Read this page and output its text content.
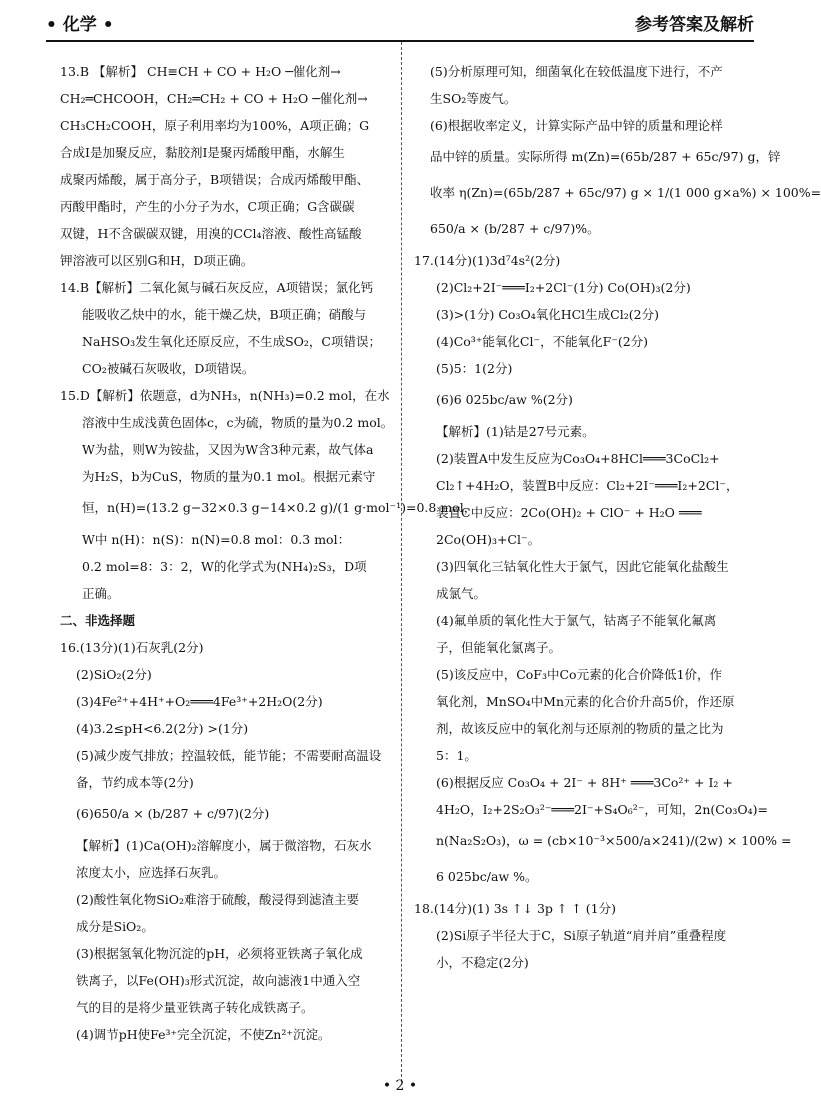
• 化学 •	参考答案及解析
13.B 【解析】 CH≡CH + CO + H₂O ─催化剂→
CH₂═CHCOOH，CH₂═CH₂ + CO + H₂O ─催化剂→
CH₃CH₂COOH，原子利用率均为100%，A项正确；G
合成Ⅰ是加聚反应，黏胶剂Ⅰ是聚丙烯酸甲酯，水解生
成聚丙烯酸，属于高分子，B项错误；合成丙烯酸甲酯、
丙酸甲酯时，产生的小分子为水，C项正确；G含碳碳
双键，H不含碳碳双键，用溴的CCl₄溶液、酸性高锰酸
钾溶液可以区别G和H，D项正确。
14.B【解析】二氧化氮与碱石灰反应，A项错误；氯化钙
能吸收乙炔中的水，能干燥乙炔，B项正确；硝酸与
NaHSO₃发生氧化还原反应，不生成SO₂，C项错误；
CO₂被碱石灰吸收，D项错误。
15.D【解析】依题意，d为NH₃，n(NH₃)=0.2 mol，在水
溶液中生成浅黄色固体c，c为硫，物质的量为0.2 mol。
W为盐，则W为铵盐，又因为W含3种元素，故气体a
为H₂S，b为CuS，物质的量为0.1 mol。根据元素守
恒，n(H)=(13.2 g−32×0.3 g−14×0.2 g)/(1 g·mol⁻¹)=0.8 mol，
W中 n(H)：n(S)：n(N)=0.8 mol：0.3 mol：
0.2 mol=8：3：2，W的化学式为(NH₄)₂S₃，D项
正确。
二、非选择题
16.(13分)(1)石灰乳(2分)
(2)SiO₂(2分)
(3)4Fe²⁺+4H⁺+O₂═══4Fe³⁺+2H₂O(2分)
(4)3.2≤pH<6.2(2分) >(1分)
(5)减少废气排放；控温较低，能节能；不需要耐高温设
备，节约成本等(2分)
(6)650/a × (b/287 + c/97)(2分)
【解析】(1)Ca(OH)₂溶解度小，属于微溶物，石灰水
浓度太小，应选择石灰乳。
(2)酸性氧化物SiO₂难溶于硫酸，酸浸得到滤渣主要
成分是SiO₂。
(3)根据氢氧化物沉淀的pH，必须将亚铁离子氧化成
铁离子，以Fe(OH)₃形式沉淀，故向滤液1中通入空
气的目的是将少量亚铁离子转化成铁离子。
(4)调节pH使Fe³⁺完全沉淀，不使Zn²⁺沉淀。
(5)分析原理可知，细菌氧化在较低温度下进行，不产
生SO₂等废气。
(6)根据收率定义，计算实际产品中锌的质量和理论样
品中锌的质量。实际所得 m(Zn)=(65b/287 + 65c/97) g，锌
收率 η(Zn)=(65b/287 + 65c/97) g × 1/(1 000 g×a%) × 100%=
650/a × (b/287 + c/97)%。
17.(14分)(1)3d⁷4s²(2分)
(2)Cl₂+2I⁻═══I₂+2Cl⁻(1分) Co(OH)₃(2分)
(3)>(1分) Co₃O₄氧化HCl生成Cl₂(2分)
(4)Co³⁺能氧化Cl⁻，不能氧化F⁻(2分)
(5)5：1(2分)
(6)6 025bc/aw %(2分)
【解析】(1)钴是27号元素。
(2)装置A中发生反应为Co₃O₄+8HCl═══3CoCl₂+
Cl₂↑+4H₂O，装置B中反应：Cl₂+2I⁻═══I₂+2Cl⁻，
装置C中反应：2Co(OH)₂ + ClO⁻ + H₂O ═══
2Co(OH)₃+Cl⁻。
(3)四氧化三钴氧化性大于氯气，因此它能氧化盐酸生
成氯气。
(4)氟单质的氧化性大于氯气，钴离子不能氧化氟离
子，但能氧化氯离子。
(5)该反应中，CoF₃中Co元素的化合价降低1价，作
氧化剂，MnSO₄中Mn元素的化合价升高5价，作还原
剂，故该反应中的氧化剂与还原剂的物质的量之比为
5：1。
(6)根据反应 Co₃O₄ + 2I⁻ + 8H⁺ ═══3Co²⁺ + I₂ +
4H₂O，I₂+2S₂O₃²⁻═══2I⁻+S₄O₆²⁻，可知，2n(Co₃O₄)=
n(Na₂S₂O₃)，ω = (cb×10⁻³×500/a×241)/(2w) × 100% =
6 025bc/aw %。
18.(14分)(1) 3s ↑↓ 3p ↑ ↑ (1分)
(2)Si原子半径大于C，Si原子轨道“肩并肩”重叠程度
小，不稳定(2分)
• 2 •
